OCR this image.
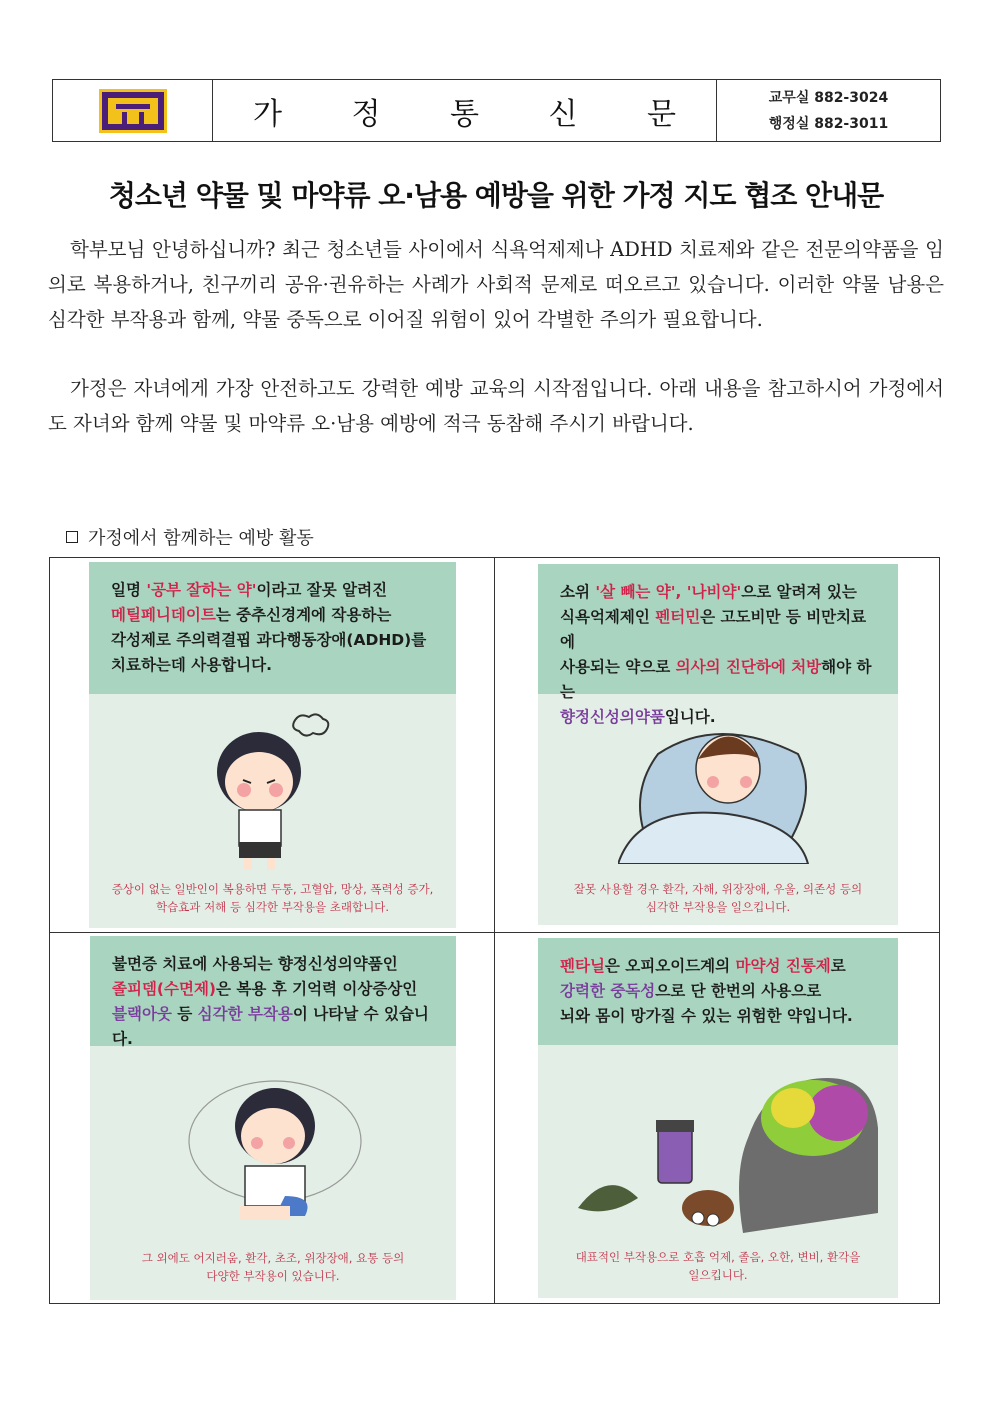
가 정 통 신 문	교무실 882-3024
행정실 882-3011
청소년 약물 및 마약류 오·남용 예방을 위한 가정 지도 협조 안내문
학부모님 안녕하십니까? 최근 청소년들 사이에서 식욕억제제나 ADHD 치료제와 같은 전문의약품을 임의로 복용하거나, 친구끼리 공유·권유하는 사례가 사회적 문제로 떠오르고 있습니다. 이러한 약물 남용은 심각한 부작용과 함께, 약물 중독으로 이어질 위험이 있어 각별한 주의가 필요합니다.
가정은 자녀에게 가장 안전하고도 강력한 예방 교육의 시작점입니다. 아래 내용을 참고하시어 가정에서도 자녀와 함께 약물 및 마약류 오·남용 예방에 적극 동참해 주시기 바랍니다.
가정에서 함께하는 예방 활동
일명 '공부 잘하는 약'이라고 잘못 알려진
메틸페니데이트는 중추신경계에 작용하는
각성제로 주의력결핍 과다행동장애(ADHD)를
치료하는데 사용합니다.
증상이 없는 일반인이 복용하면 두통, 고혈압, 망상, 폭력성 증가,
학습효과 저해 등 심각한 부작용을 초래합니다.
소위 '살 빼는 약', '나비약'으로 알려져 있는
식욕억제제인 펜터민은 고도비만 등 비만치료에
사용되는 약으로 의사의 진단하에 처방해야 하는
향정신성의약품입니다.
잘못 사용할 경우 환각, 자해, 위장장애, 우울, 의존성 등의
심각한 부작용을 일으킵니다.
불면증 치료에 사용되는 향정신성의약품인
졸피뎀(수면제)은 복용 후 기억력 이상증상인
블랙아웃 등 심각한 부작용이 나타날 수 있습니다.
그 외에도 어지러움, 환각, 초조, 위장장애, 요통 등의
다양한 부작용이 있습니다.
펜타닐은 오피오이드계의 마약성 진통제로
강력한 중독성으로 단 한번의 사용으로
뇌와 몸이 망가질 수 있는 위험한 약입니다.
대표적인 부작용으로 호흡 억제, 졸음, 오한, 변비, 환각을
일으킵니다.
